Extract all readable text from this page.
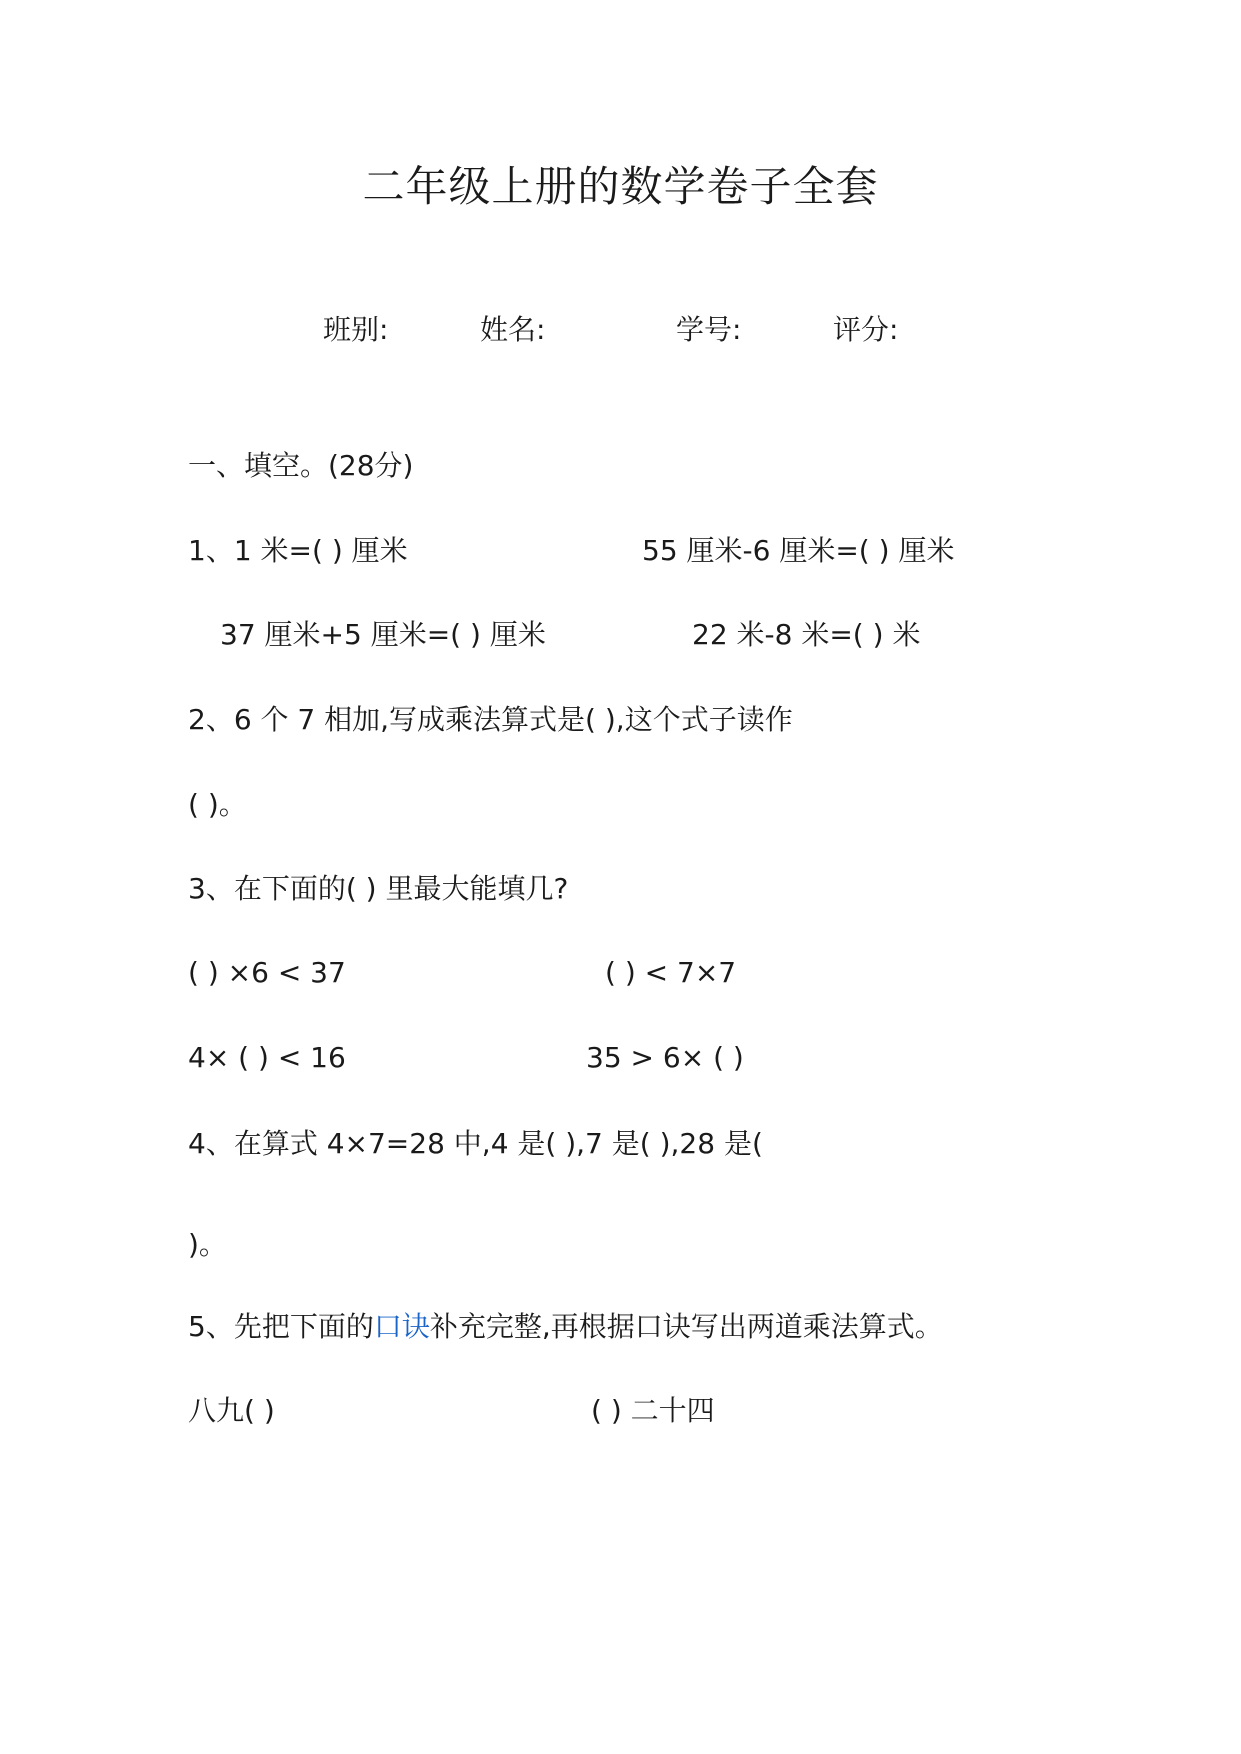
二年级上册的数学卷子全套
班别:	姓名:	学号:	评分:
一、填空。(28分)
1、1 米=( ) 厘米	55 厘米-6 厘米=( ) 厘米
37 厘米+5 厘米=( ) 厘米	22 米-8 米=( ) 米
2、6 个 7 相加,写成乘法算式是( ),这个式子读作
( )。
3、在下面的( ) 里最大能填几?
( ) ×6 < 37	( ) < 7×7
4× ( ) < 16	35 > 6× ( )
4、在算式 4×7=28 中,4 是( ),7 是( ),28 是(
)。
5、先把下面的口诀补充完整,再根据口诀写出两道乘法算式。
八九( )	( ) 二十四
